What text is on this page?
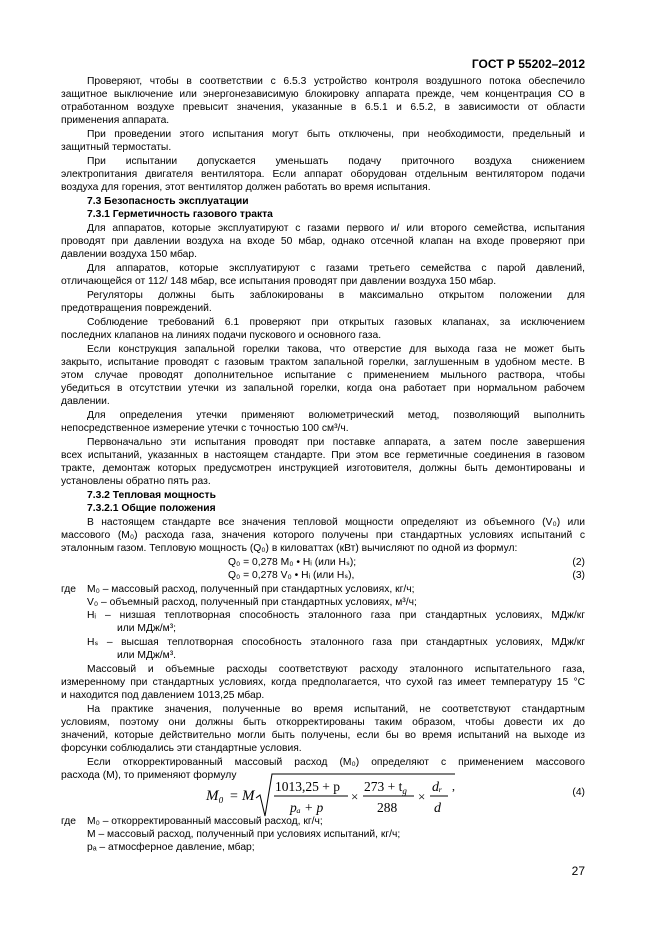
ГОСТ Р 55202–2012
Проверяют, чтобы в соответствии с 6.5.3 устройство контроля воздушного потока обеспечило
защитное выключение или энергонезависимую блокировку аппарата прежде, чем концентрация СО в
отработанном воздухе превысит значения, указанные в 6.5.1 и 6.5.2, в зависимости от области
применения аппарата.
При проведении этого испытания могут быть отключены, при необходимости, предельный и
защитный термостаты.
При испытании допускается уменьшать подачу приточного воздуха снижением
электропитания двигателя вентилятора. Если аппарат оборудован отдельным вентилятором подачи
воздуха для горения, этот вентилятор должен работать во время испытания.
7.3 Безопасность эксплуатации
7.3.1 Герметичность газового тракта
Для аппаратов, которые эксплуатируют с газами первого и/ или второго семейства, испытания
проводят при давлении воздуха на входе 50 мбар, однако отсечной клапан на входе проверяют при
давлении воздуха 150 мбар.
Для аппаратов, которые эксплуатируют с газами третьего семейства с парой давлений,
отличающейся от 112/ 148 мбар, все испытания проводят при давлении воздуха 150 мбар.
Регуляторы должны быть заблокированы в максимально открытом положении для
предотвращения повреждений.
Соблюдение требований 6.1 проверяют при открытых газовых клапанах, за исключением
последних клапанов на линиях подачи пускового и основного газа.
Если конструкция запальной горелки такова, что отверстие для выхода газа не может быть
закрыто, испытание проводят с газовым трактом запальной горелки, заглушенным в удобном месте. В
этом случае проводят дополнительное испытание с применением мыльного раствора, чтобы
убедиться в отсутствии утечки из запальной горелки, когда она работает при нормальном рабочем
давлении.
Для определения утечки применяют волюметрический метод, позволяющий выполнить
непосредственное измерение утечки с точностью 100 см³/ч.
Первоначально эти испытания проводят при поставке аппарата, а затем после завершения
всех испытаний, указанных в настоящем стандарте. При этом все герметичные соединения в газовом
тракте, демонтаж которых предусмотрен инструкцией изготовителя, должны быть демонтированы и
установлены обратно пять раз.
7.3.2 Тепловая мощность
7.3.2.1 Общие положения
В настоящем стандарте все значения тепловой мощности определяют из объемного (V₀) или
массового (M₀) расхода газа, значения которого получены при стандартных условиях испытаний с
эталонным газом. Тепловую мощность (Q₀) в киловаттах (кВт) вычисляют по одной из формул:
Q₀ = 0,278 M₀ • Hᵢ (или Hₛ);
Q₀ = 0,278 V₀ • Hᵢ (или Hₛ),
где	M₀ – массовый расход, полученный при стандартных условиях, кг/ч;
V₀ – объемный расход, полученный при стандартных условиях, м³/ч;
Hᵢ – низшая теплотворная способность эталонного газа при стандартных условиях, МДж/кг
или МДж/м³;
Hₛ – высшая теплотворная способность эталонного газа при стандартных условиях, МДж/кг
или МДж/м³.
Массовый и объемные расходы соответствуют расходу эталонного испытательного газа,
измеренному при стандартных условиях, когда предполагается, что сухой газ имеет температуру 15 °С
и находится под давлением 1013,25 мбар.
На практике значения, полученные во время испытаний, не соответствуют стандартным
условиям, поэтому они должны быть откорректированы таким образом, чтобы довести их до
значений, которые действительно могли быть получены, если бы во время испытаний на выходе из
форсунки соблюдались эти стандартные условия.
Если откорректированный массовый расход (M₀) определяют с применением массового
расхода (M), то применяют формулу
где	M₀ – откорректированный массовый расход, кг/ч;
M – массовый расход, полученный при условиях испытаний, кг/ч;
pₐ – атмосферное давление, мбар;
(2)
(3)
(4)
M₀ = M
1013,25 + p
pₐ + p
×
$273 + t_g$
288
×
dᵣ
d
,
27
